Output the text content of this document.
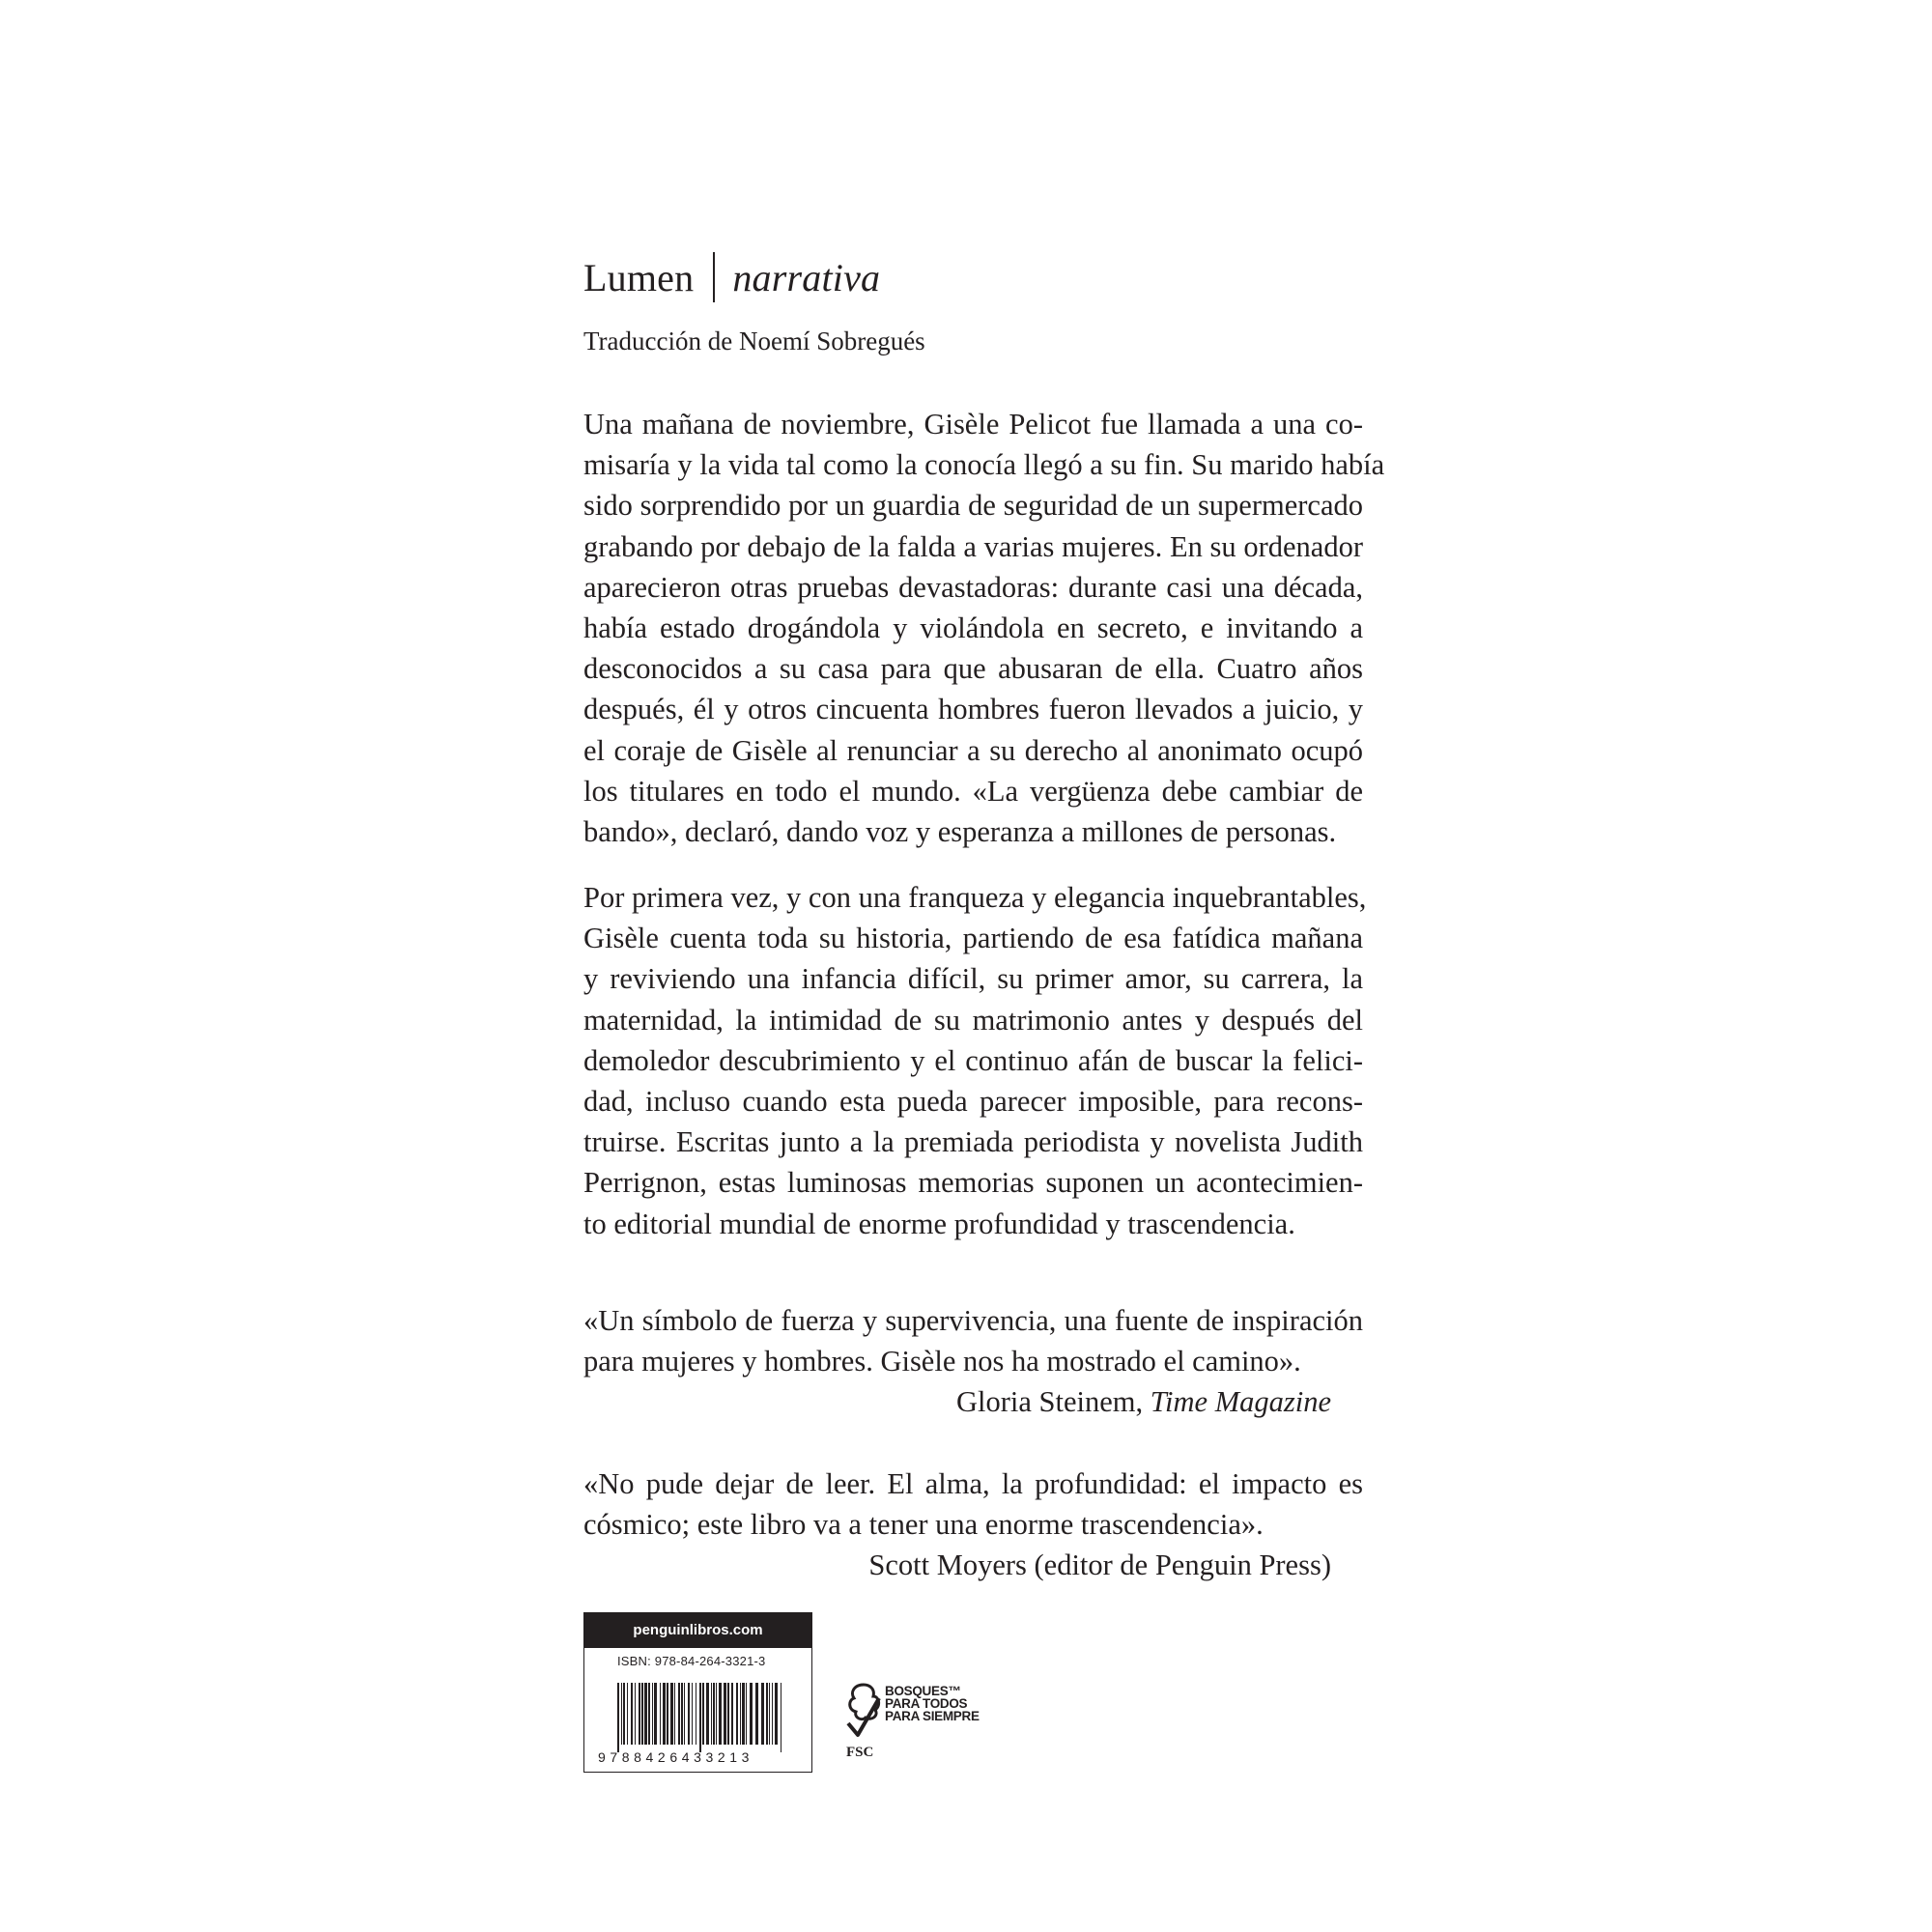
Lumen narrativa
Traducción de Noemí Sobregués

Una mañana de noviembre, Gisèle Pelicot fue llamada a una co-
misaría y la vida tal como la conocía llegó a su fin. Su marido había
sido sorprendido por un guardia de seguridad de un supermercado
grabando por debajo de la falda a varias mujeres. En su ordenador
aparecieron otras pruebas devastadoras: durante casi una década,
había estado drogándola y violándola en secreto, e invitando a
desconocidos a su casa para que abusaran de ella. Cuatro años
después, él y otros cincuenta hombres fueron llevados a juicio, y
el coraje de Gisèle al renunciar a su derecho al anonimato ocupó
los titulares en todo el mundo. «La vergüenza debe cambiar de
bando», declaró, dando voz y esperanza a millones de personas.

Por primera vez, y con una franqueza y elegancia inquebrantables,
Gisèle cuenta toda su historia, partiendo de esa fatídica mañana
y reviviendo una infancia difícil, su primer amor, su carrera, la
maternidad, la intimidad de su matrimonio antes y después del
demoledor descubrimiento y el continuo afán de buscar la felici-
dad, incluso cuando esta pueda parecer imposible, para recons-
truirse. Escritas junto a la premiada periodista y novelista Judith
Perrignon, estas luminosas memorias suponen un acontecimien-
to editorial mundial de enorme profundidad y trascendencia.

«Un símbolo de fuerza y supervivencia, una fuente de inspiración
para mujeres y hombres. Gisèle nos ha mostrado el camino».
Gloria Steinem, Time Magazine
«No pude dejar de leer. El alma, la profundidad: el impacto es
cósmico; este libro va a tener una enorme trascendencia».
Scott Moyers (editor de Penguin Press)
penguinlibros.com
ISBN: 978-84-264-3321-3
9788426433213	FSC
BOSQUES™
PARA TODOS
PARA SIEMPRE
